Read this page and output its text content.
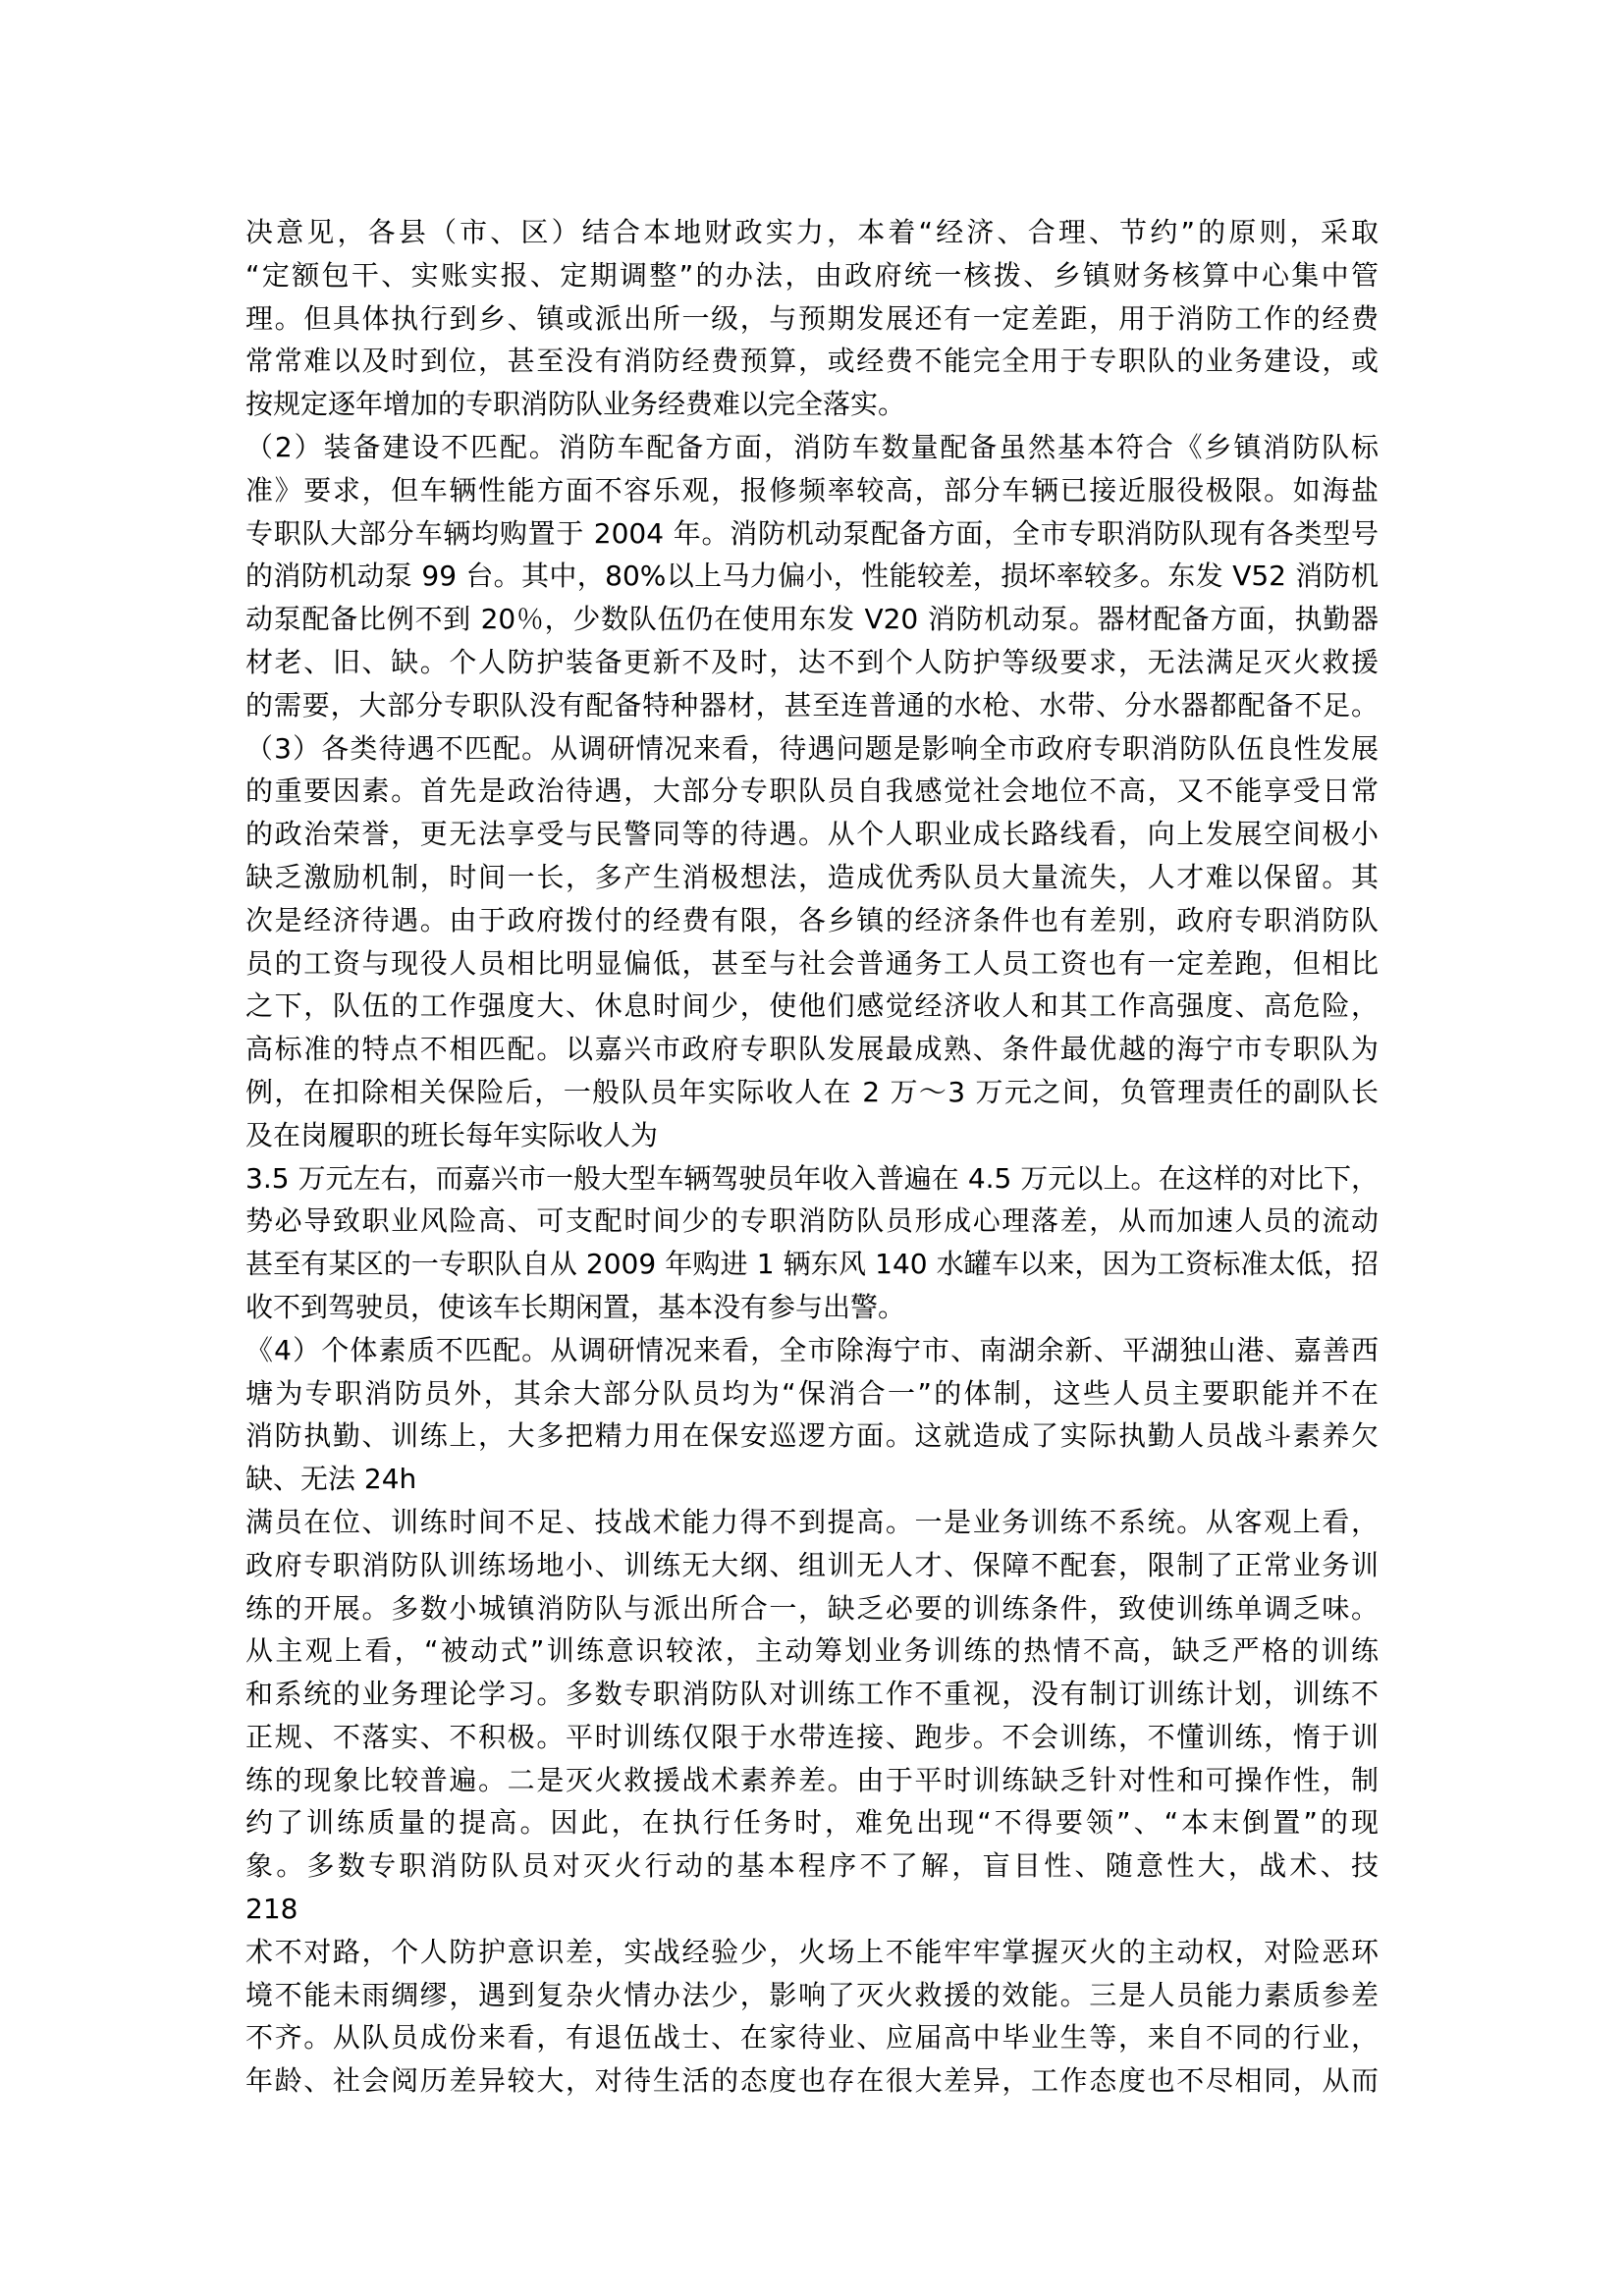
决意见，各县（市、区）结合本地财政实力，本着“经济、合理、节约”的原则，采取
“定额包干、实账实报、定期调整”的办法，由政府统一核拨、乡镇财务核算中心集中管
理。但具体执行到乡、镇或派出所一级，与预期发展还有一定差距，用于消防工作的经费
常常难以及时到位，甚至没有消防经费预算，或经费不能完全用于专职队的业务建设，或
按规定逐年增加的专职消防队业务经费难以完全落实。
（2）装备建设不匹配。消防车配备方面，消防车数量配备虽然基本符合《乡镇消防队标
准》要求，但车辆性能方面不容乐观，报修频率较高，部分车辆已接近服役极限。如海盐
专职队大部分车辆均购置于 2004 年。消防机动泵配备方面，全市专职消防队现有各类型号
的消防机动泵 99 台。其中，80%以上马力偏小，性能较差，损坏率较多。东发 V52 消防机
动泵配备比例不到 20％，少数队伍仍在使用东发 V20 消防机动泵。器材配备方面，执勤器
材老、旧、缺。个人防护装备更新不及时，达不到个人防护等级要求，无法满足灭火救援
的需要，大部分专职队没有配备特种器材，甚至连普通的水枪、水带、分水器都配备不足。
（3）各类待遇不匹配。从调研情况来看，待遇问题是影响全市政府专职消防队伍良性发展
的重要因素。首先是政治待遇，大部分专职队员自我感觉社会地位不高，又不能享受日常
的政治荣誉，更无法享受与民警同等的待遇。从个人职业成长路线看，向上发展空间极小
缺乏激励机制，时间一长，多产生消极想法，造成优秀队员大量流失，人才难以保留。其
次是经济待遇。由于政府拨付的经费有限，各乡镇的经济条件也有差别，政府专职消防队
员的工资与现役人员相比明显偏低，甚至与社会普通务工人员工资也有一定差跑，但相比
之下，队伍的工作强度大、休息时间少，使他们感觉经济收人和其工作高强度、高危险，
高标准的特点不相匹配。以嘉兴市政府专职队发展最成熟、条件最优越的海宁市专职队为
例，在扣除相关保险后，一般队员年实际收人在 2 万～3 万元之间，负管理责任的副队长
及在岗履职的班长每年实际收人为
3.5 万元左右，而嘉兴市一般大型车辆驾驶员年收入普遍在 4.5 万元以上。在这样的对比下，
势必导致职业风险高、可支配时间少的专职消防队员形成心理落差，从而加速人员的流动
甚至有某区的一专职队自从 2009 年购进 1 辆东风 140 水罐车以来，因为工资标准太低，招
收不到驾驶员，使该车长期闲置，基本没有参与出警。
《4）个体素质不匹配。从调研情况来看，全市除海宁市、南湖余新、平湖独山港、嘉善西
塘为专职消防员外，其余大部分队员均为“保消合一”的体制，这些人员主要职能并不在
消防执勤、训练上，大多把精力用在保安巡逻方面。这就造成了实际执勤人员战斗素养欠
缺、无法 24h
满员在位、训练时间不足、技战术能力得不到提高。一是业务训练不系统。从客观上看，
政府专职消防队训练场地小、训练无大纲、组训无人才、保障不配套，限制了正常业务训
练的开展。多数小城镇消防队与派出所合一，缺乏必要的训练条件，致使训练单调乏味。
从主观上看，“被动式”训练意识较浓，主动筹划业务训练的热情不高，缺乏严格的训练
和系统的业务理论学习。多数专职消防队对训练工作不重视，没有制订训练计划，训练不
正规、不落实、不积极。平时训练仅限于水带连接、跑步。不会训练，不懂训练，惰于训
练的现象比较普遍。二是灭火救援战术素养差。由于平时训练缺乏针对性和可操作性，制
约了训练质量的提高。因此，在执行任务时，难免出现“不得要领”、“本末倒置”的现
象。多数专职消防队员对灭火行动的基本程序不了解，盲目性、随意性大，战术、技
218
术不对路，个人防护意识差，实战经验少，火场上不能牢牢掌握灭火的主动权，对险恶环
境不能未雨绸缪，遇到复杂火情办法少，影响了灭火救援的效能。三是人员能力素质参差
不齐。从队员成份来看，有退伍战士、在家待业、应届高中毕业生等，来自不同的行业，
年龄、社会阅历差异较大，对待生活的态度也存在很大差异，工作态度也不尽相同，从而
